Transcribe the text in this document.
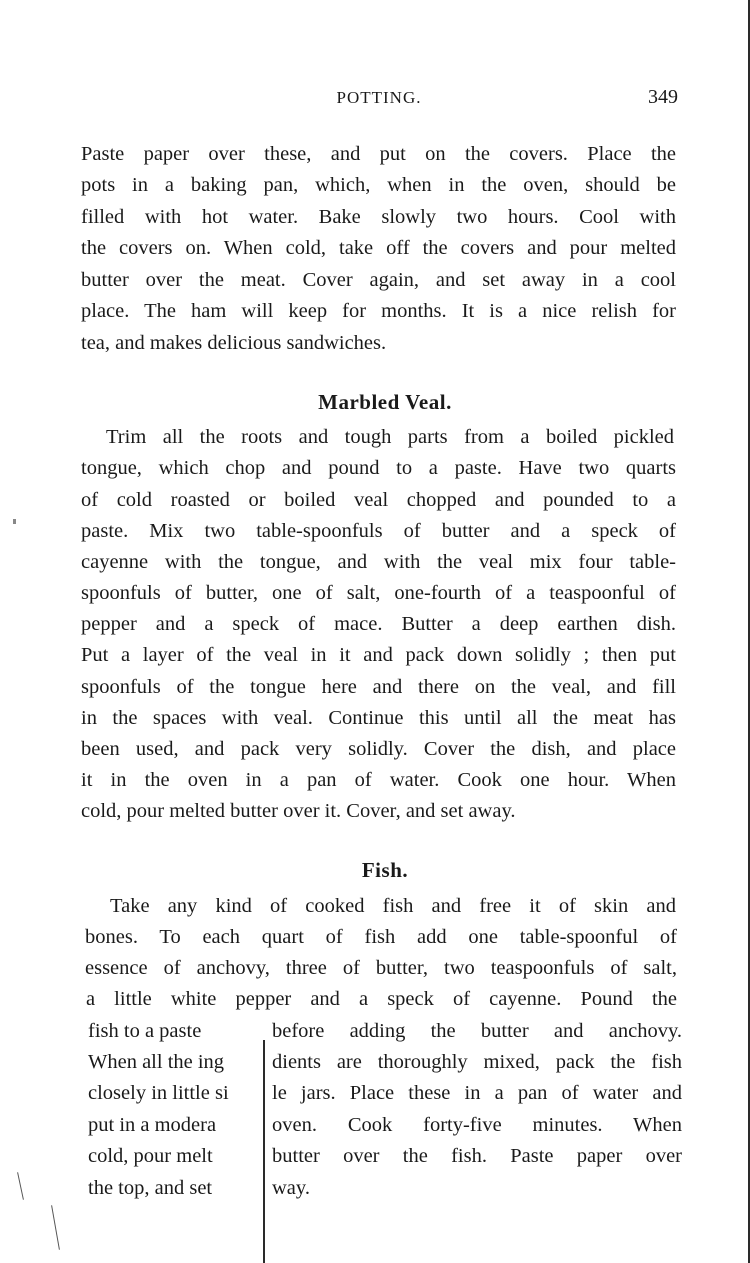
POTTING.	349
Paste paper over these, and put on the covers. Place the
pots in a baking pan, which, when in the oven, should be
filled with hot water. Bake slowly two hours. Cool with
the covers on. When cold, take off the covers and pour melted
butter over the meat. Cover again, and set away in a cool
place. The ham will keep for months. It is a nice relish for
tea, and makes delicious sandwiches.
Marbled Veal.
Trim all the roots and tough parts from a boiled pickled
tongue, which chop and pound to a paste. Have two quarts
of cold roasted or boiled veal chopped and pounded to a
paste. Mix two table-spoonfuls of butter and a speck of
cayenne with the tongue, and with the veal mix four table-
spoonfuls of butter, one of salt, one-fourth of a teaspoonful of
pepper and a speck of mace. Butter a deep earthen dish.
Put a layer of the veal in it and pack down solidly ; then put
spoonfuls of the tongue here and there on the veal, and fill
in the spaces with veal. Continue this until all the meat has
been used, and pack very solidly. Cover the dish, and place
it in the oven in a pan of water. Cook one hour. When
cold, pour melted butter over it. Cover, and set away.
Fish.
Take any kind of cooked fish and free it of skin and
bones. To each quart of fish add one table-spoonful of
essence of anchovy, three of butter, two teaspoonfuls of salt,
a little white pepper and a speck of cayenne. Pound the
fish to a paste
When all the ing
closely in little si
put in a modera
cold, pour melt
the top, and set
before adding the butter and anchovy.
dients are thoroughly mixed, pack the fish
le jars. Place these in a pan of water and
oven. Cook forty-five minutes. When
butter over the fish. Paste paper over
way.
